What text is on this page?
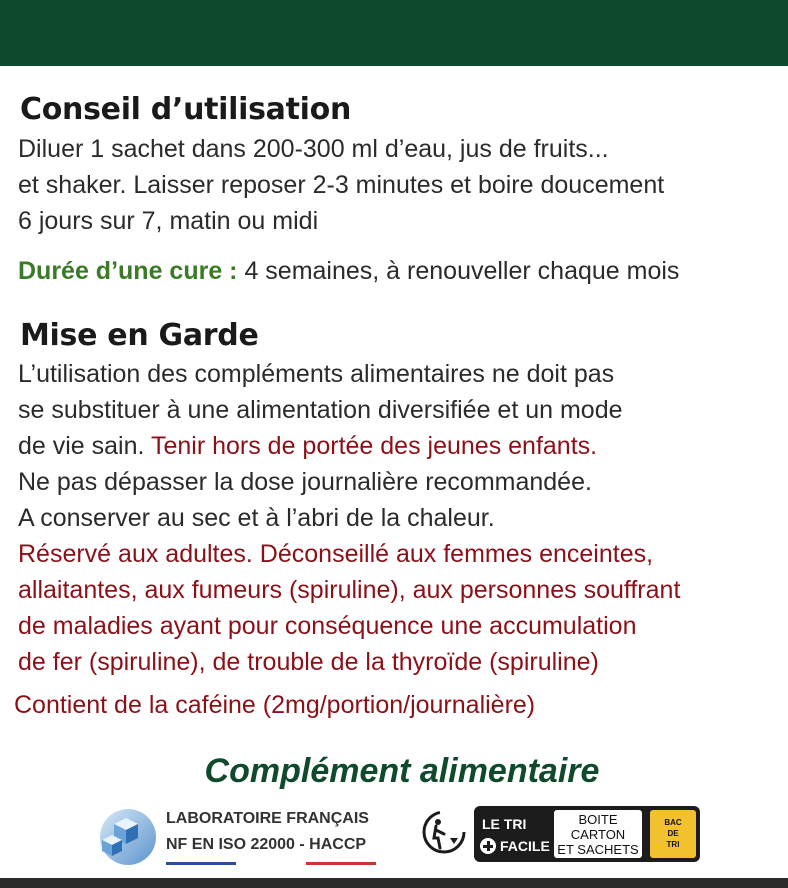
Conseil d’utilisation
Diluer 1 sachet dans 200-300 ml d’eau, jus de fruits...
et shaker. Laisser reposer 2-3 minutes et boire doucement
6 jours sur 7, matin ou midi
Durée d’une cure : 4 semaines, à renouveller chaque mois
Mise en Garde
L’utilisation des compléments alimentaires ne doit pas
se substituer à une alimentation diversifiée et un mode
de vie sain. Tenir hors de portée des jeunes enfants.
Ne pas dépasser la dose journalière recommandée.
A conserver au sec et à l’abri de la chaleur.
Réservé aux adultes. Déconseillé aux femmes enceintes,
allaitantes, aux fumeurs (spiruline), aux personnes souffrant
de maladies ayant pour conséquence une accumulation
de fer (spiruline), de trouble de la thyroïde (spiruline)
Contient de la caféine (2mg/portion/journalière)
Complément alimentaire
LABORATOIRE FRANÇAIS
NF EN ISO 22000 - HACCP
LE TRI
FACILE
BOITE
CARTON
ET SACHETS
BAC
DE
TRI
